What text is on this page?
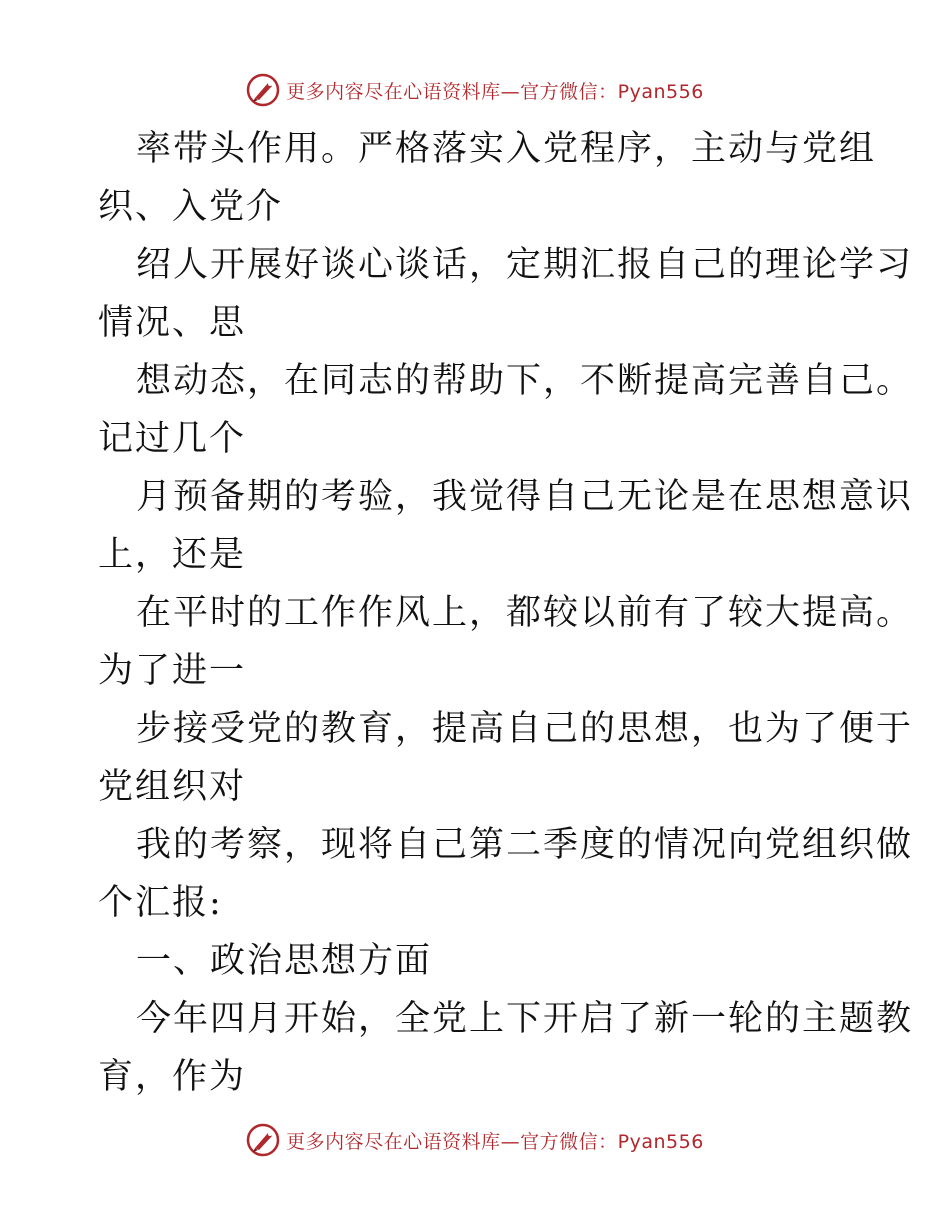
更多内容尽在心语资料库—官方微信：Pyan556
率带头作用。严格落实入党程序，主动与党组
织、入党介
绍人开展好谈心谈话，定期汇报自己的理论学习
情况、思
想动态，在同志的帮助下，不断提高完善自己。
记过几个
月预备期的考验，我觉得自己无论是在思想意识
上，还是
在平时的工作作风上，都较以前有了较大提高。
为了进一
步接受党的教育，提高自己的思想，也为了便于
党组织对
我的考察，现将自己第二季度的情况向党组织做
个汇报:
一、政治思想方面
今年四月开始，全党上下开启了新一轮的主题教
育，作为
更多内容尽在心语资料库—官方微信：Pyan556
